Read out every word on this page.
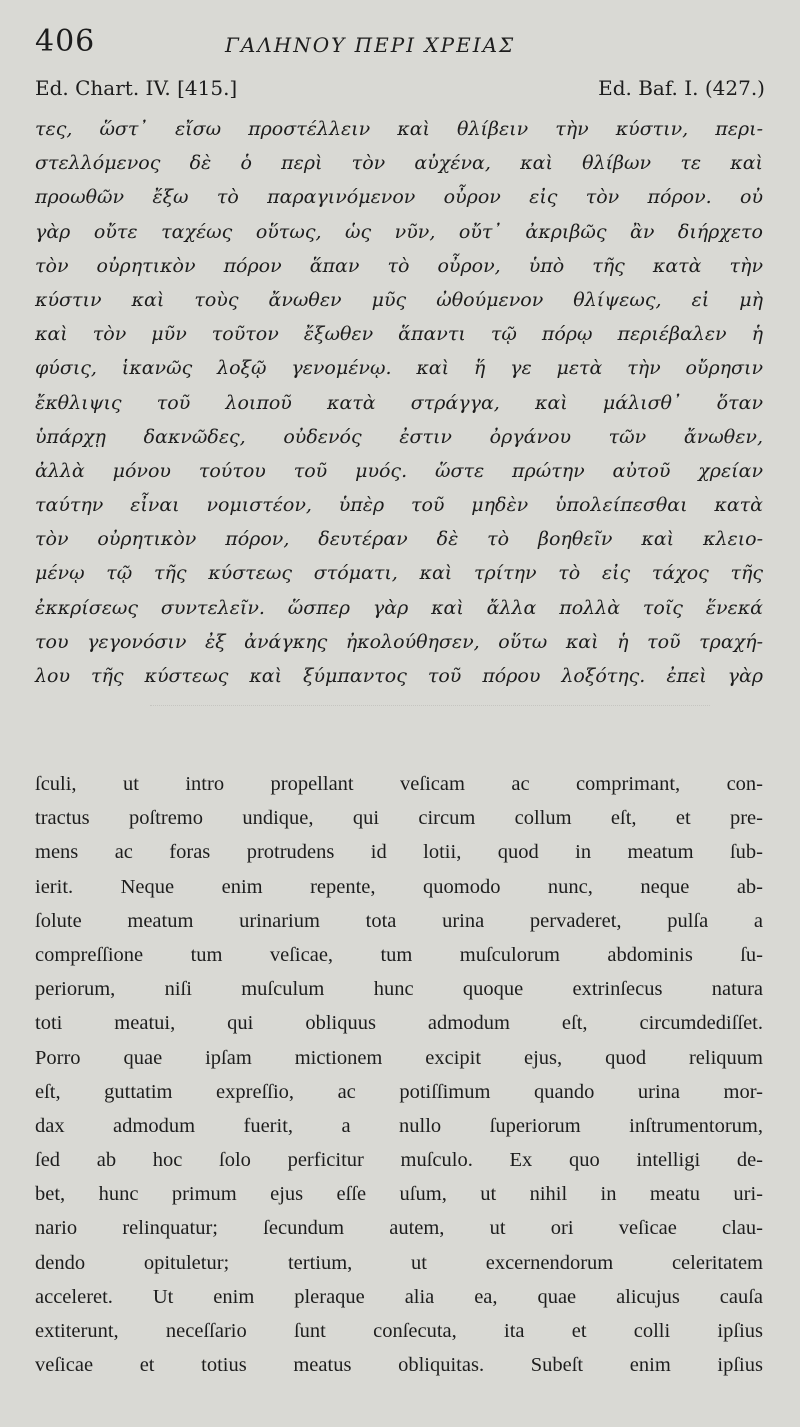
406	ΓΑΛΗΝΟΥ ΠΕΡΙ ΧΡΕΙΑΣ
Ed. Chart. IV. [415.]	Ed. Baf. I. (427.)
τες, ὥστ᾽ εἴσω προστέλλειν καὶ θλίβειν τὴν κύστιν, περι-
στελλόμενος δὲ ὁ περὶ τὸν αὐχένα, καὶ θλίβων τε καὶ
προωθῶν ἔξω τὸ παραγινόμενον οὖρον εἰς τὸν πόρον. οὐ
γὰρ οὔτε ταχέως οὕτως, ὡς νῦν, οὔτ᾽ ἀκριβῶς ἂν διήρχετο
τὸν οὐρητικὸν πόρον ἅπαν τὸ οὖρον, ὑπὸ τῆς κατὰ τὴν
κύστιν καὶ τοὺς ἄνωθεν μῦς ὠθούμενον θλίψεως, εἰ μὴ
καὶ τὸν μῦν τοῦτον ἔξωθεν ἅπαντι τῷ πόρῳ περιέβαλεν ἡ
φύσις, ἱκανῶς λοξῷ γενομένῳ. καὶ ἥ γε μετὰ τὴν οὔρησιν
ἔκθλιψις τοῦ λοιποῦ κατὰ στράγγα, καὶ μάλισθ᾽ ὅταν
ὑπάρχῃ δακνῶδες, οὐδενός ἐστιν ὀργάνου τῶν ἄνωθεν,
ἀλλὰ μόνου τούτου τοῦ μυός. ὥστε πρώτην αὐτοῦ χρείαν
ταύτην εἶναι νομιστέον, ὑπὲρ τοῦ μηδὲν ὑπολείπεσθαι κατὰ
τὸν οὐρητικὸν πόρον, δευτέραν δὲ τὸ βοηθεῖν καὶ κλειο-
μένῳ τῷ τῆς κύστεως στόματι, καὶ τρίτην τὸ εἰς τάχος τῆς
ἐκκρίσεως συντελεῖν. ὥσπερ γὰρ καὶ ἄλλα πολλὰ τοῖς ἕνεκά
του γεγονόσιν ἐξ ἀνάγκης ἠκολούθησεν, οὕτω καὶ ἡ τοῦ τραχή-
λου τῆς κύστεως καὶ ξύμπαντος τοῦ πόρου λοξότης. ἐπεὶ γὰρ
ſculi, ut intro propellant veſicam ac comprimant, con-
tractus poſtremo undique, qui circum collum eſt, et pre-
mens ac foras protrudens id lotii, quod in meatum ſub-
ierit. Neque enim repente, quomodo nunc, neque ab-
ſolute meatum urinarium tota urina pervaderet, pulſa a
compreſſione tum veſicae, tum muſculorum abdominis ſu-
periorum, niſi muſculum hunc quoque extrinſecus natura
toti meatui, qui obliquus admodum eſt, circumdediſſet.
Porro quae ipſam mictionem excipit ejus, quod reliquum
eſt, guttatim expreſſio, ac potiſſimum quando urina mor-
dax admodum fuerit, a nullo ſuperiorum inſtrumentorum,
ſed ab hoc ſolo perficitur muſculo. Ex quo intelligi de-
bet, hunc primum ejus eſſe uſum, ut nihil in meatu uri-
nario relinquatur; ſecundum autem, ut ori veſicae clau-
dendo opituletur; tertium, ut excernendorum celeritatem
acceleret. Ut enim pleraque alia ea, quae alicujus cauſa
extiterunt, neceſſario ſunt conſecuta, ita et colli ipſius
veſicae et totius meatus obliquitas. Subeſt enim ipſius
